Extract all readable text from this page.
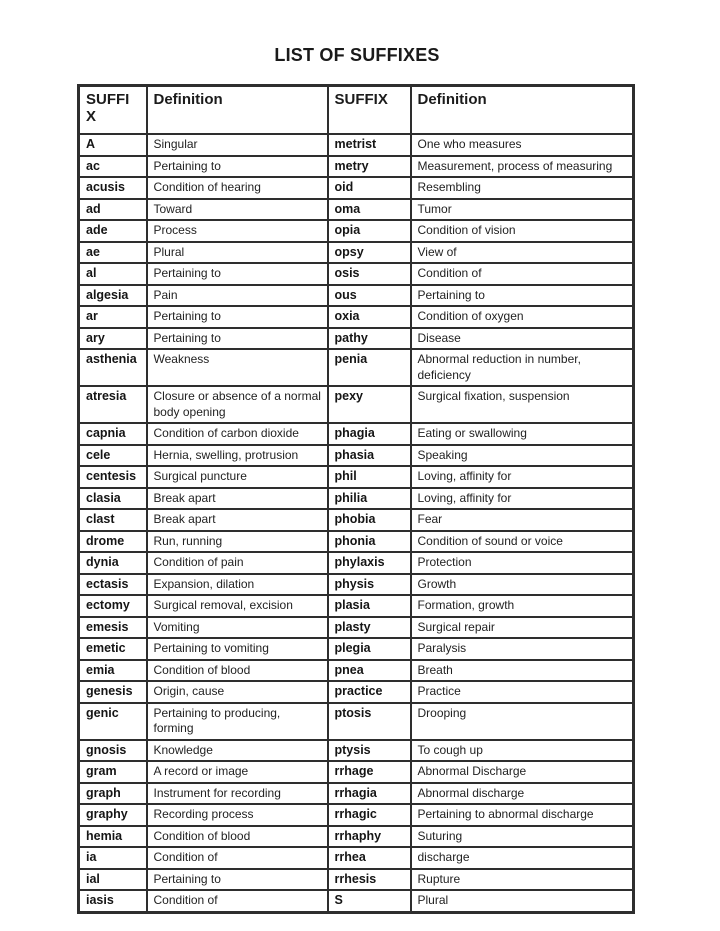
LIST OF SUFFIXES
SUFFIX	Definition	SUFFIX	Definition
A	Singular	metrist	One who measures
ac	Pertaining to	metry	Measurement, process of measuring
acusis	Condition of hearing	oid	Resembling
ad	Toward	oma	Tumor
ade	Process	opia	Condition of vision
ae	Plural	opsy	View of
al	Pertaining to	osis	Condition of
algesia	Pain	ous	Pertaining to
ar	Pertaining to	oxia	Condition of oxygen
ary	Pertaining to	pathy	Disease
asthenia	Weakness	penia	Abnormal reduction in number, deficiency
atresia	Closure or absence of a normal body opening	pexy	Surgical fixation, suspension
capnia	Condition of carbon dioxide	phagia	Eating or swallowing
cele	Hernia, swelling, protrusion	phasia	Speaking
centesis	Surgical puncture	phil	Loving, affinity for
clasia	Break apart	philia	Loving, affinity for
clast	Break apart	phobia	Fear
drome	Run, running	phonia	Condition of sound or voice
dynia	Condition of pain	phylaxis	Protection
ectasis	Expansion, dilation	physis	Growth
ectomy	Surgical removal, excision	plasia	Formation, growth
emesis	Vomiting	plasty	Surgical repair
emetic	Pertaining to vomiting	plegia	Paralysis
emia	Condition of blood	pnea	Breath
genesis	Origin, cause	practice	Practice
genic	Pertaining to producing, forming	ptosis	Drooping
gnosis	Knowledge	ptysis	To cough up
gram	A record or image	rrhage	Abnormal Discharge
graph	Instrument for recording	rrhagia	Abnormal discharge
graphy	Recording process	rrhagic	Pertaining to abnormal discharge
hemia	Condition of blood	rrhaphy	Suturing
ia	Condition of	rrhea	discharge
ial	Pertaining to	rrhesis	Rupture
iasis	Condition of	S	Plural
